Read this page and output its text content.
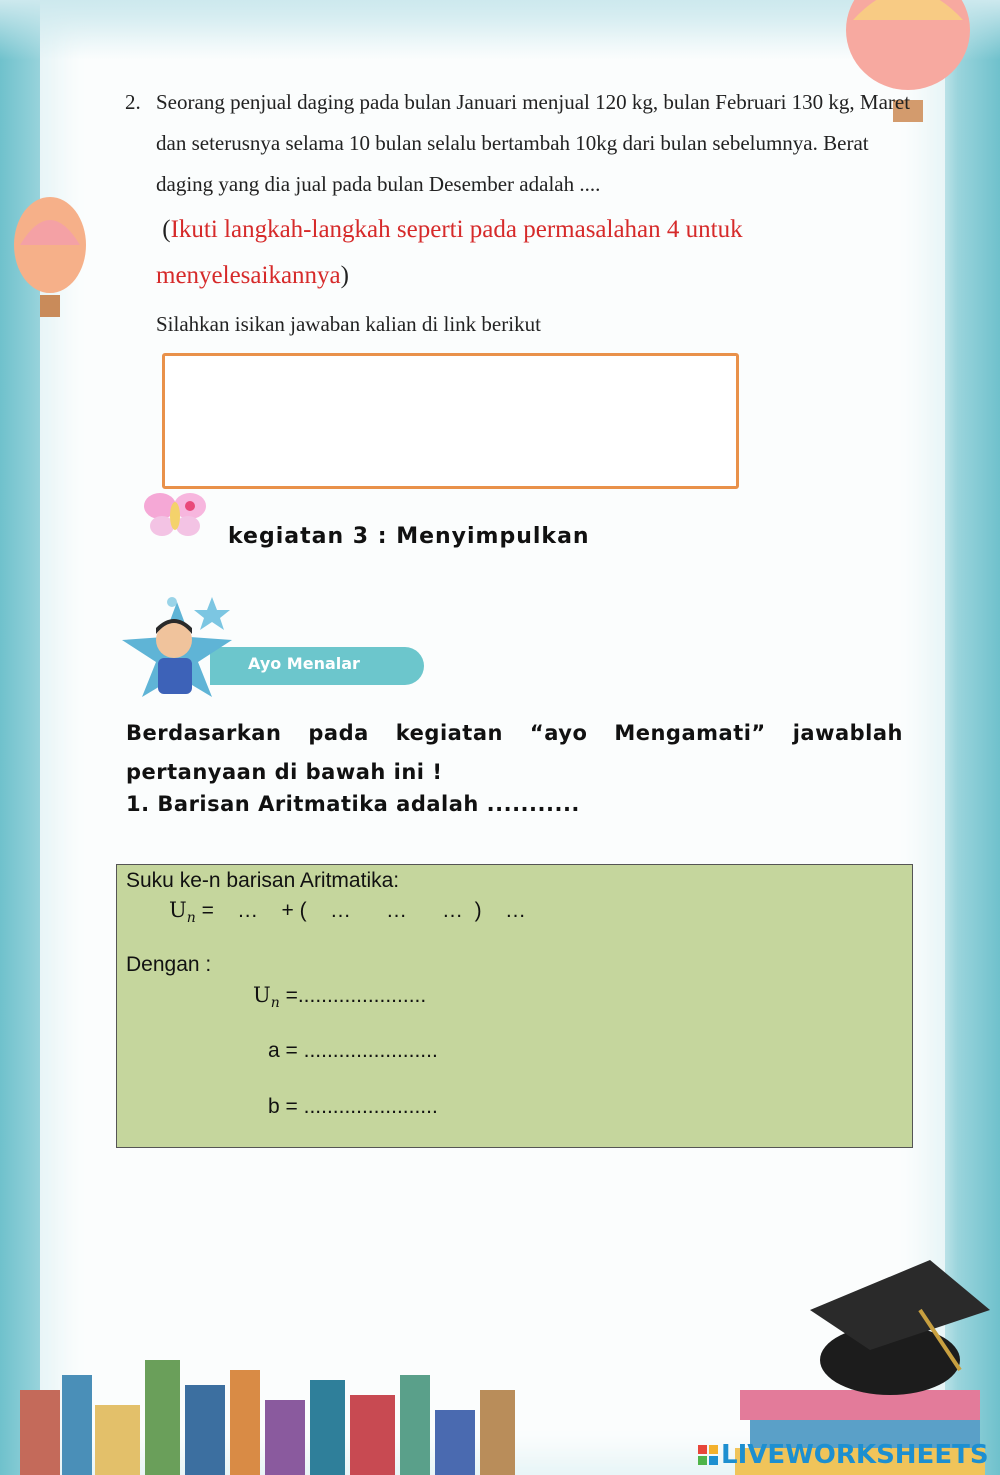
2. Seorang penjual daging pada bulan Januari menjual 120 kg, bulan Februari 130 kg, Maret dan seterusnya selama 10 bulan selalu bertambah 10kg dari bulan sebelumnya. Berat daging yang dia jual pada bulan Desember adalah ....
(Ikuti langkah-langkah seperti pada permasalahan 4 untuk menyelesaikannya)
Silahkan isikan jawaban kalian di link berikut
kegiatan 3 : Menyimpulkan
Ayo Menalar
Berdasarkan pada kegiatan “ayo Mengamati” jawablah pertanyaan di bawah ini !
1. Barisan Aritmatika adalah ...........
Suku ke-n barisan Aritmatika:
$U_n$ =    …    + (    …      …      …  )    …
Dengan :
$U_n$ =......................
a = .......................
b = .......................
LIVEWORKSHEETS
